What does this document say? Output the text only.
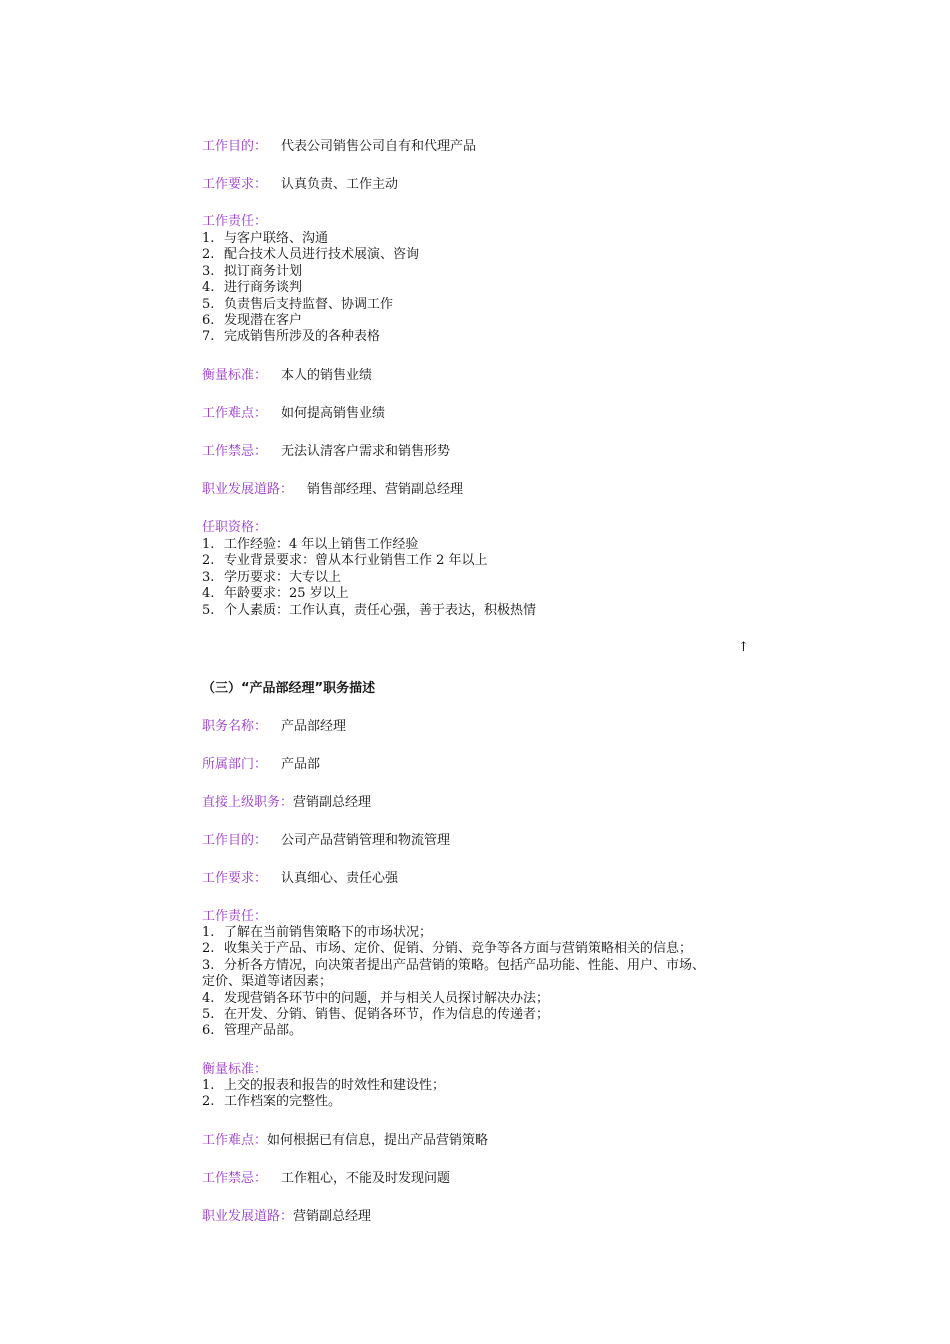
工作目的： 代表公司销售公司自有和代理产品
工作要求： 认真负责、工作主动
工作责任：
1. 与客户联络、沟通
2. 配合技术人员进行技术展演、咨询
3. 拟订商务计划
4. 进行商务谈判
5. 负责售后支持监督、协调工作
6. 发现潜在客户
7. 完成销售所涉及的各种表格
衡量标准： 本人的销售业绩
工作难点： 如何提高销售业绩
工作禁忌： 无法认清客户需求和销售形势
职业发展道路： 销售部经理、营销副总经理
任职资格：
1. 工作经验：4 年以上销售工作经验
2. 专业背景要求：曾从本行业销售工作 2 年以上
3. 学历要求：大专以上
4. 年龄要求：25 岁以上
5. 个人素质：工作认真，责任心强，善于表达，积极热情
↑
（三）“产品部经理”职务描述
职务名称： 产品部经理
所属部门： 产品部
直接上级职务：营销副总经理
工作目的： 公司产品营销管理和物流管理
工作要求： 认真细心、责任心强
工作责任：
1. 了解在当前销售策略下的市场状况；
2. 收集关于产品、市场、定价、促销、分销、竞争等各方面与营销策略相关的信息；
3. 分析各方情况，向决策者提出产品营销的策略。包括产品功能、性能、用户、市场、
定价、渠道等诸因素；
4. 发现营销各环节中的问题，并与相关人员探讨解决办法；
5. 在开发、分销、销售、促销各环节，作为信息的传递者；
6. 管理产品部。
衡量标准：
1. 上交的报表和报告的时效性和建设性；
2. 工作档案的完整性。
工作难点：如何根据已有信息，提出产品营销策略
工作禁忌： 工作粗心，不能及时发现问题
职业发展道路：营销副总经理
